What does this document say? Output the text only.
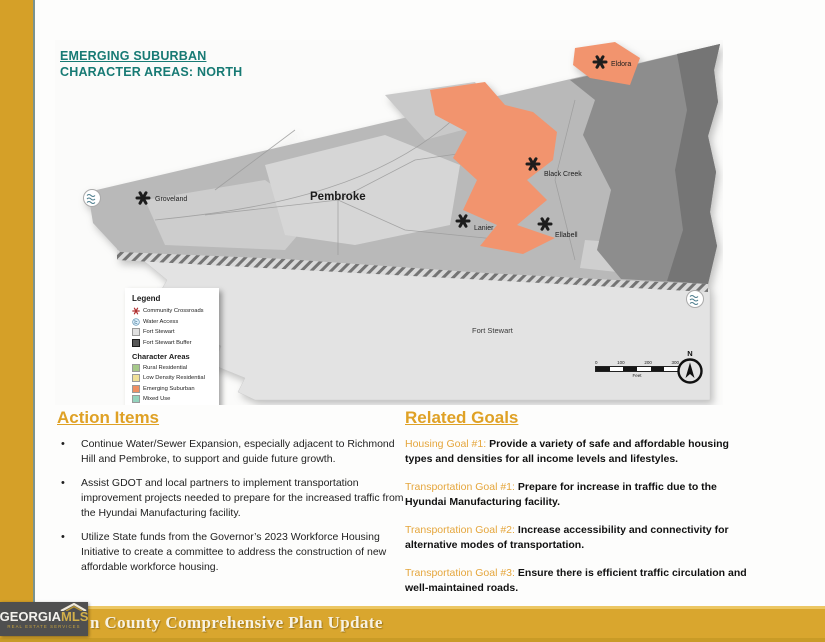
Groveland
Eldora
Black Creek
Lanier
Ellabell
Pembroke
Fort Stewart
Legend
Community Crossroads
Water Access
Fort Stewart
Fort Stewart Buffer
Character Areas
Rural Residential
Low Density Residential
Emerging Suburban
Mixed Use
0	100	200	300
Feet
N
EMERGING SUBURBAN
CHARACTER AREAS: NORTH
Action Items
• Continue Water/Sewer Expansion, especially adjacent to Richmond Hill and Pembroke, to support and guide future growth.
• Assist GDOT and local partners to implement transportation improvement projects needed to prepare for the increased traffic from the Hyundai Manufacturing facility.
• Utilize State funds from the Governor’s 2023 Workforce Housing Initiative to create a committee to address the construction of new affordable workforce housing.
Related Goals

Housing Goal #1: Provide a variety of safe and affordable housing types and densities for all income levels and lifestyles.

Transportation Goal #1: Prepare for increase in traffic due to the Hyundai Manufacturing facility.

Transportation Goal #2: Increase accessibility and connectivity for alternative modes of transportation.

Transportation Goal #3: Ensure there is efficient traffic circulation and well-maintained roads.

n County Comprehensive Plan Update
GEORGIAMLS
REAL ESTATE SERVICES
